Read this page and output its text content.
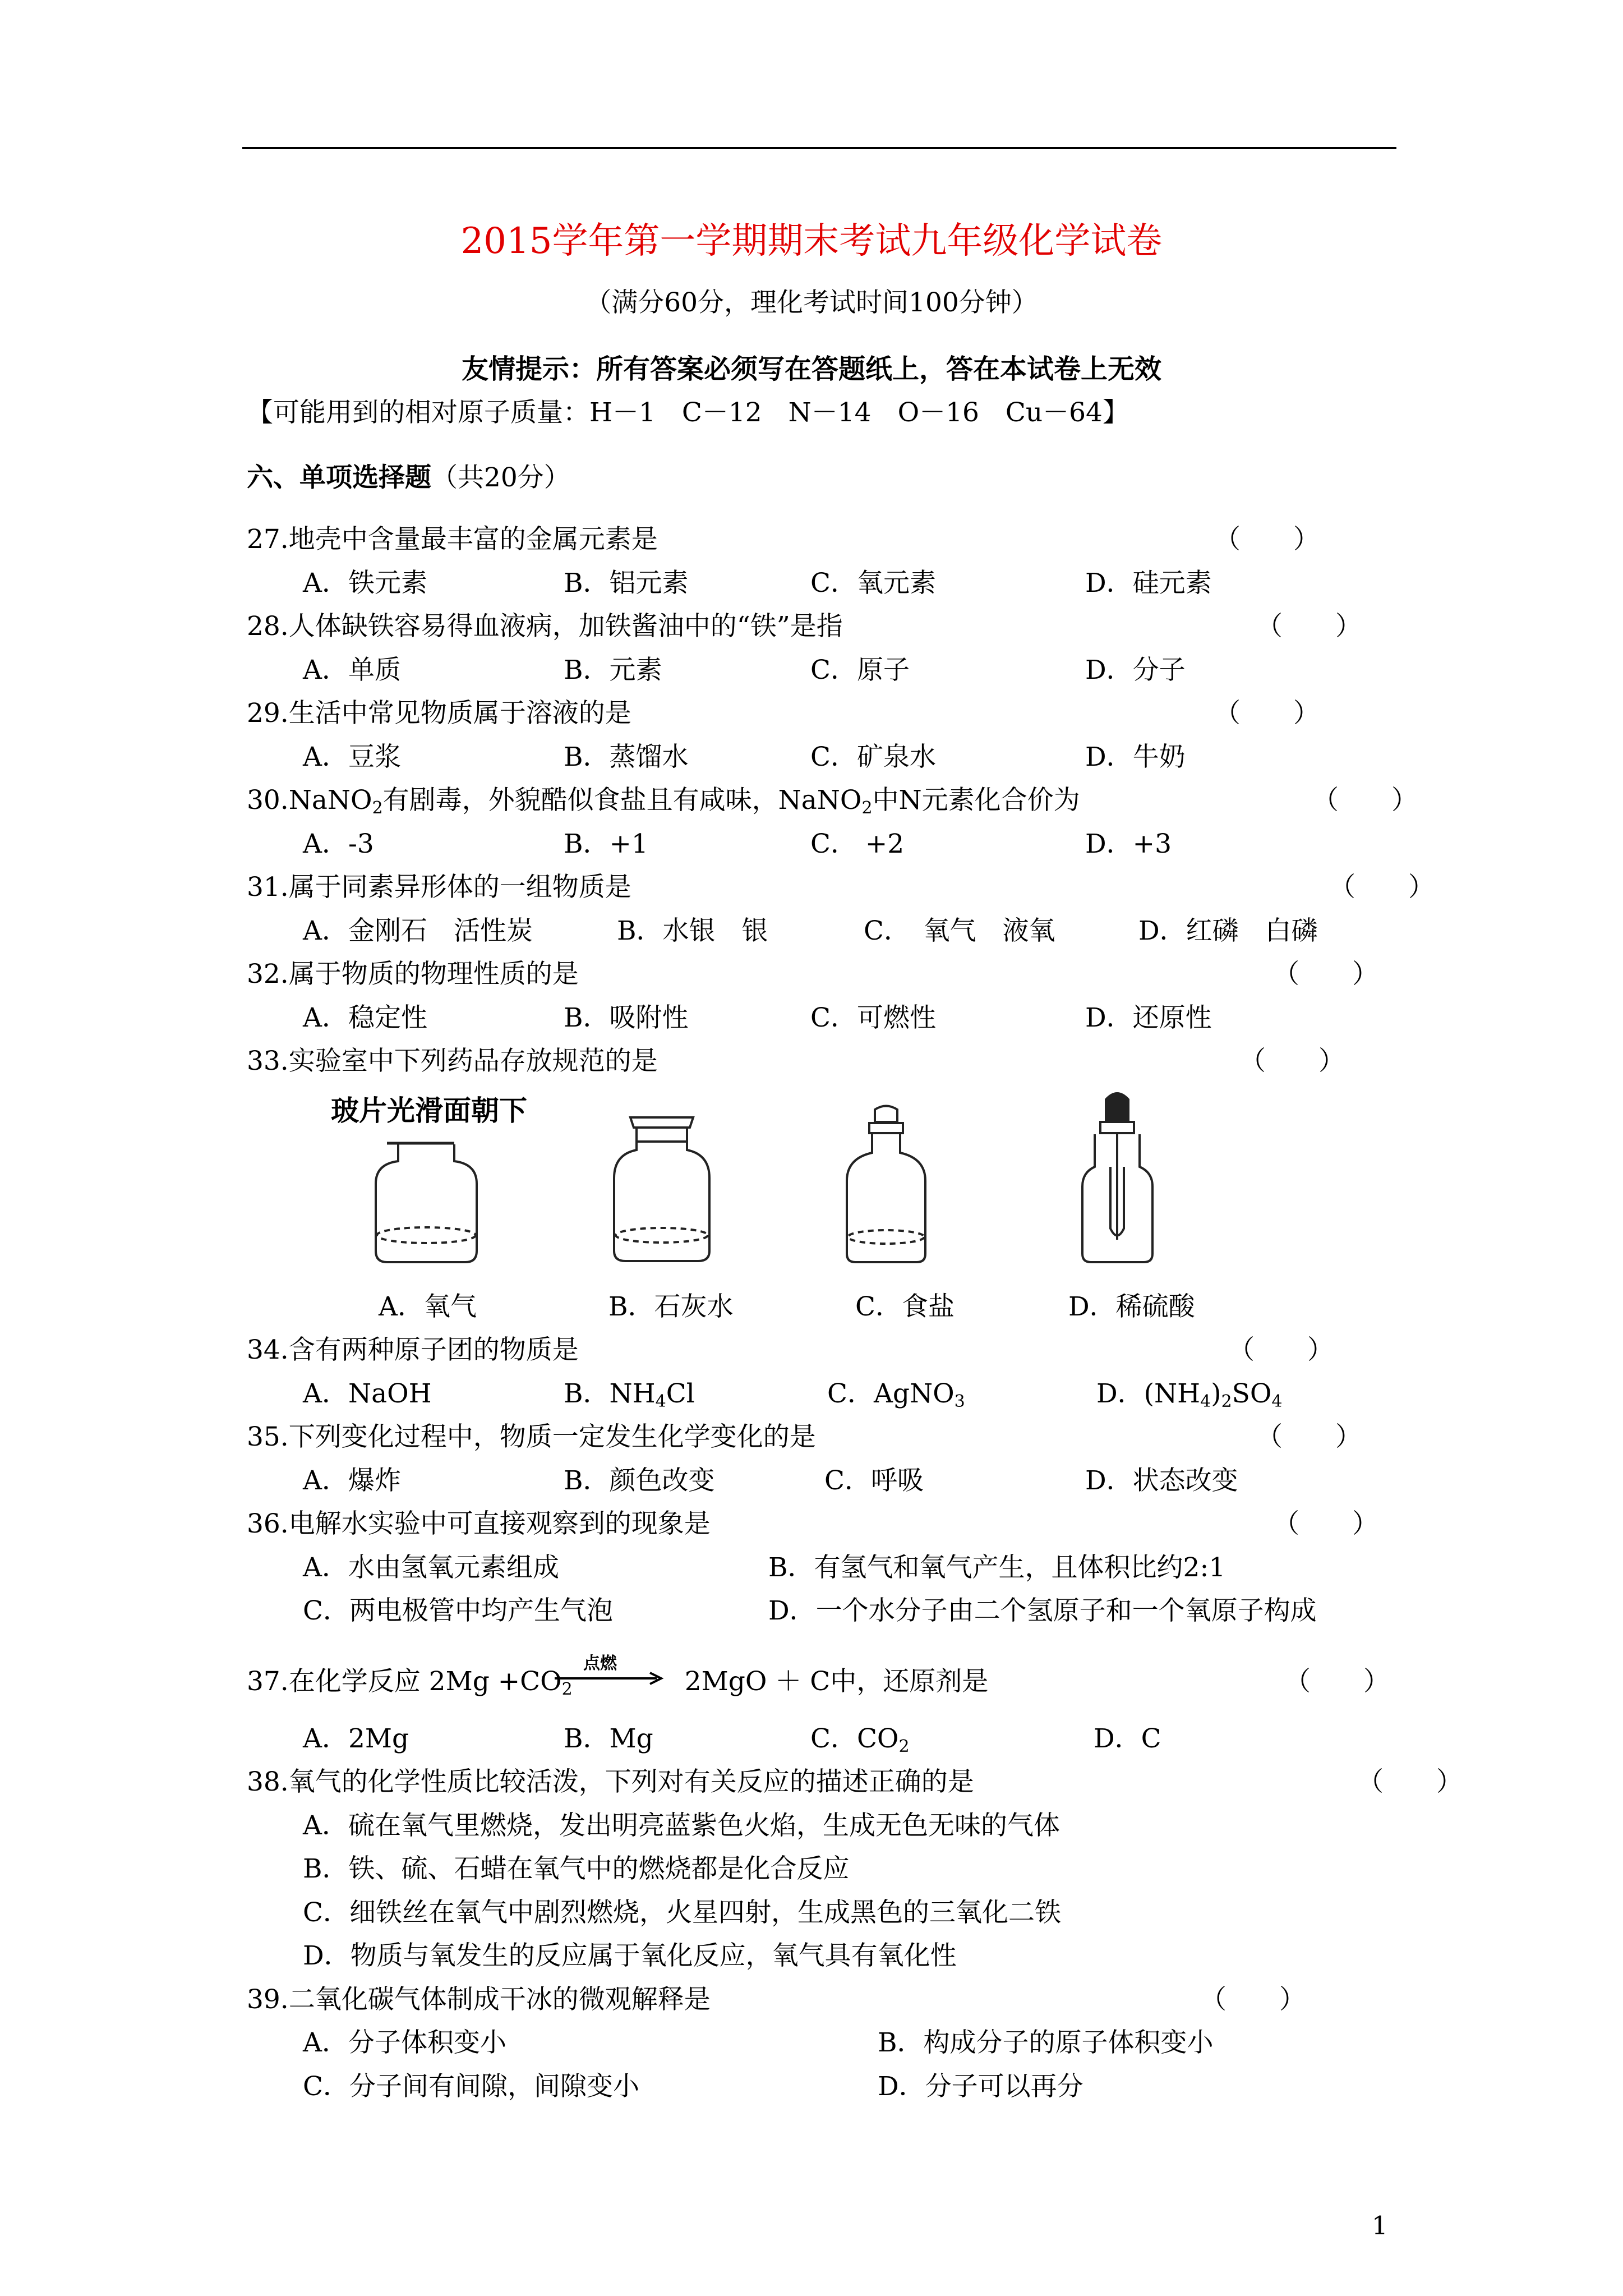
2015学年第一学期期末考试九年级化学试卷
（满分60分，理化考试时间100分钟）
友情提示：所有答案必须写在答题纸上，答在本试卷上无效
【可能用到的相对原子质量：H－1　C－12　N－14　O－16　Cu－64】
六、单项选择题（共20分）
27.地壳中含量最丰富的金属元素是	（　　）
A．铁元素	B．铝元素	C．氧元素	D．硅元素
28.人体缺铁容易得血液病，加铁酱油中的“铁”是指	（　　）
A．单质	B．元素	C．原子	D．分子
29.生活中常见物质属于溶液的是	（　　）
A．豆浆	B．蒸馏水	C．矿泉水	D．牛奶
30.NaNO$_2$有剧毒，外貌酷似食盐且有咸味，NaNO$_2$中N元素化合价为	（　　）
A．-3	B．+1	C． +2	D．+3
31.属于同素异形体的一组物质是	（　　）
A．金刚石　活性炭	B．水银　银	C．　氧气　液氧	D．红磷　白磷
32.属于物质的物理性质的是	（　　）
A．稳定性	B．吸附性	C．可燃性	D．还原性
33.实验室中下列药品存放规范的是	（　　）
玻片光滑面朝下
A．氧气	B．石灰水	C．食盐	D．稀硫酸
34.含有两种原子团的物质是	（　　）
A．NaOH	B．$NH_4Cl$	C．AgNO$_3$	D．$(NH_4)_2SO_4$
35.下列变化过程中，物质一定发生化学变化的是	（　　）
A．爆炸	B．颜色改变	C．呼吸	D．状态改变
36.电解水实验中可直接观察到的现象是	（　　）
A．水由氢氧元素组成	B．有氢气和氧气产生，且体积比约2:1
C．两电极管中均产生气泡	D．一个水分子由二个氢原子和一个氧原子构成
37.在化学反应 $2Mg +CO_2$	2MgO ＋ C中，还原剂是
点燃
（　　）
A．2Mg	B．Mg	C．$CO_2$	D．C
38.氧气的化学性质比较活泼，下列对有关反应的描述正确的是	（　　）
A．硫在氧气里燃烧，发出明亮蓝紫色火焰，生成无色无味的气体
B．铁、硫、石蜡在氧气中的燃烧都是化合反应
C．细铁丝在氧气中剧烈燃烧，火星四射，生成黑色的三氧化二铁
D．物质与氧发生的反应属于氧化反应，氧气具有氧化性
39.二氧化碳气体制成干冰的微观解释是	（　　）
A．分子体积变小	B．构成分子的原子体积变小
C．分子间有间隙，间隙变小	D．分子可以再分
1
